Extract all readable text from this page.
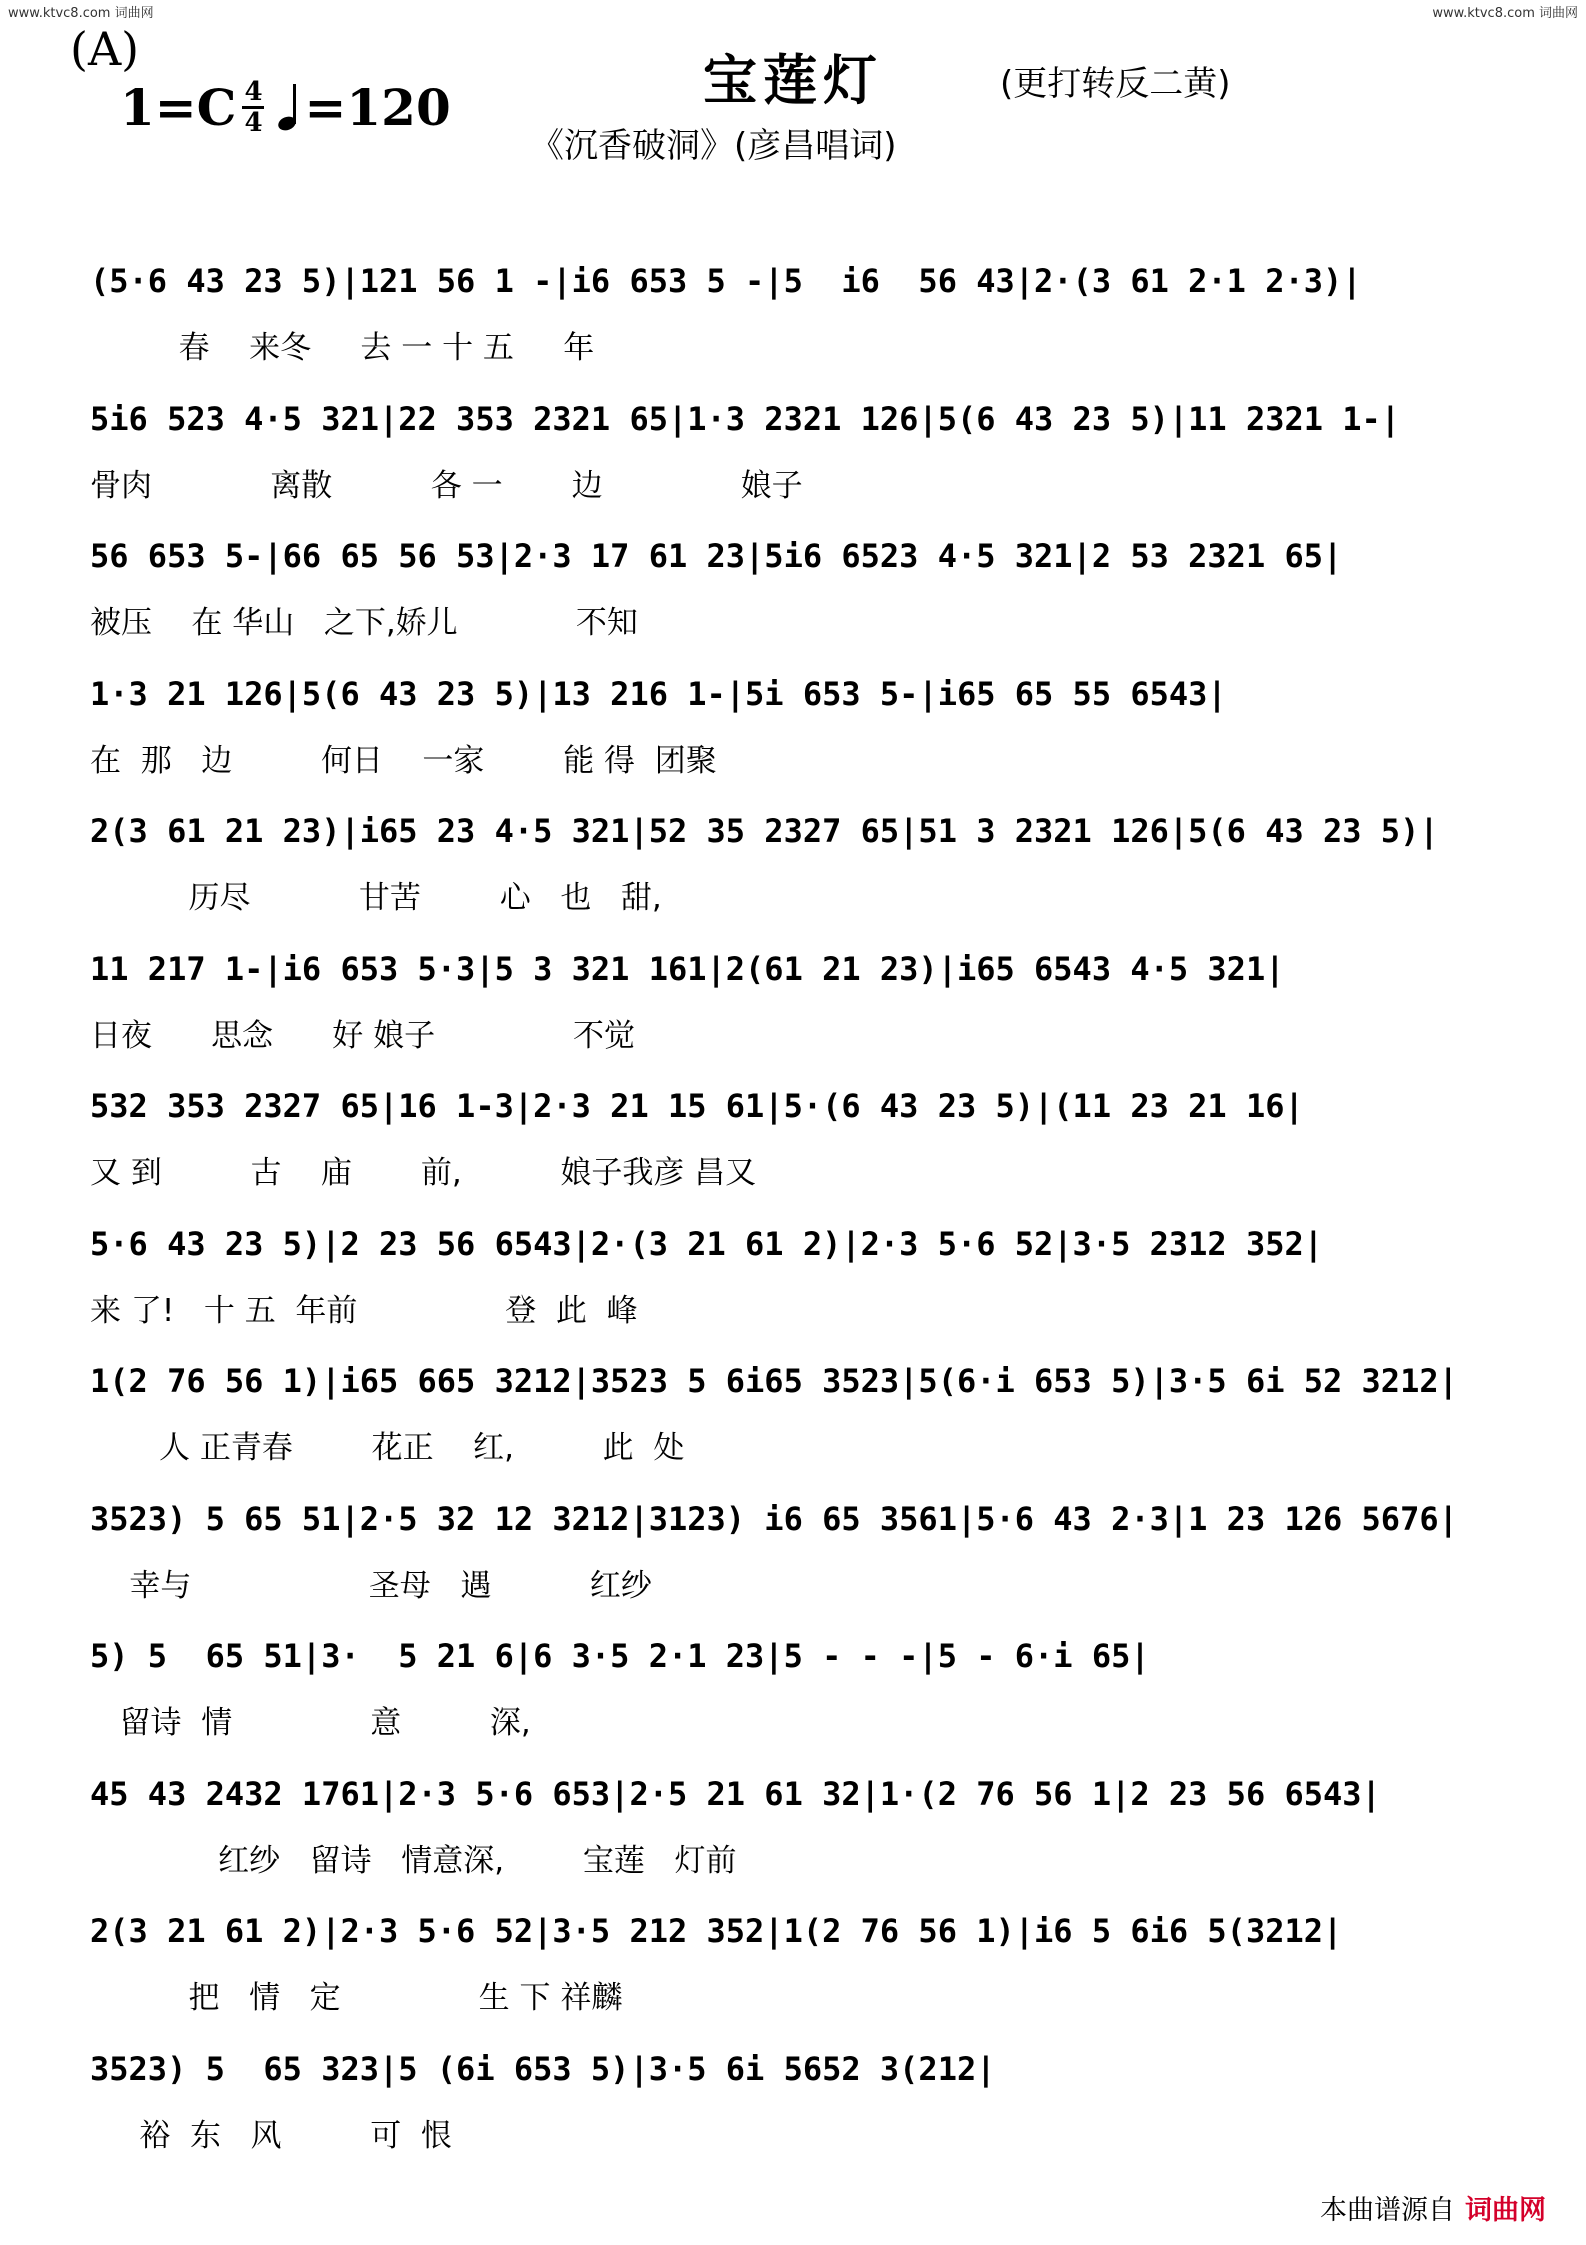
www.ktvc8.com 词曲网	www.ktvc8.com 词曲网
(A)
1=C 4
4 =120	宝莲灯	(更打转反二黄)
《沉香破洞》(彦昌唱词)
(5·6 43 23 5)|121 56 1 -|i6 653 5 -|5  i6  56 43|2·(3 61 2·1 2·3)|
春    来冬     去 一 十 五     年
5i6 523 4·5 321|22 353 2321 65|1·3 2321 126|5(6 43 23 5)|11 2321 1-|
骨肉            离散          各 一       边              娘子
56 653 5-|66 65 56 53|2·3 17 61 23|5i6 6523 4·5 321|2 53 2321 65|
被压    在 华山   之下,娇儿            不知
1·3 21 126|5(6 43 23 5)|13 216 1-|5i 653 5-|i65 65 55 6543|
在  那   边         何日    一家        能 得  团聚
2(3 61 21 23)|i65 23 4·5 321|52 35 2327 65|51 3 2321 126|5(6 43 23 5)|
历尽           甘苦        心   也   甜,
11 217 1-|i6 653 5·3|5 3 321 161|2(61 21 23)|i65 6543 4·5 321|
日夜      思念      好 娘子              不觉
532 353 2327 65|16 1-3|2·3 21 15 61|5·(6 43 23 5)|(11 23 21 16|
又 到         古    庙       前,          娘子我彦 昌又
5·6 43 23 5)|2 23 56 6543|2·(3 21 61 2)|2·3 5·6 52|3·5 2312 352|
来 了!   十 五  年前               登  此  峰
1(2 76 56 1)|i65 665 3212|3523 5 6i65 3523|5(6·i 653 5)|3·5 6i 52 3212|
人 正青春        花正    红,         此  处
3523) 5 65 51|2·5 32 12 3212|3123) i6 65 3561|5·6 43 2·3|1 23 126 5676|
幸与                  圣母   遇          红纱
5) 5  65 51|3·  5 21 6|6 3·5 2·1 23|5 - - -|5 - 6·i 65|
留诗  情              意         深,
45 43 2432 1761|2·3 5·6 653|2·5 21 61 32|1·(2 76 56 1|2 23 56 6543|
红纱   留诗   情意深,        宝莲   灯前
2(3 21 61 2)|2·3 5·6 52|3·5 212 352|1(2 76 56 1)|i6 5 6i6 5(3212|
把   情   定              生 下 祥麟
3523) 5  65 323|5 (6i 653 5)|3·5 6i 5652 3(212|
裕  东   风         可  恨
本曲谱源自 词曲网
